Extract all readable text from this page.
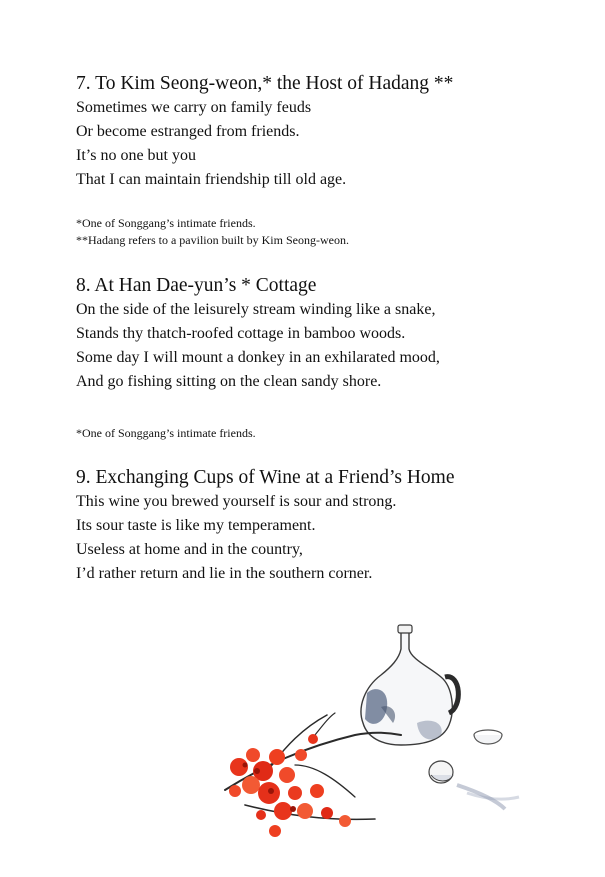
7. To Kim Seong-weon,* the Host of Hadang **
Sometimes we carry on family feuds
Or become estranged from friends.
It’s no one but you
That I can maintain friendship till old age.
*One of Songgang’s intimate friends.
**Hadang refers to a pavilion built by Kim Seong-weon.
8. At Han Dae-yun’s * Cottage
On the side of the leisurely stream winding like a snake,
Stands thy thatch-roofed cottage in bamboo woods.
Some day I will mount a donkey in an exhilarated mood,
And go fishing sitting on the clean sandy shore.
*One of Songgang’s intimate friends.
9. Exchanging Cups of Wine at a Friend’s Home
This wine you brewed yourself is sour and strong.
Its sour taste is like my temperament.
Useless at home and in the country,
I’d rather return and lie in the southern corner.
